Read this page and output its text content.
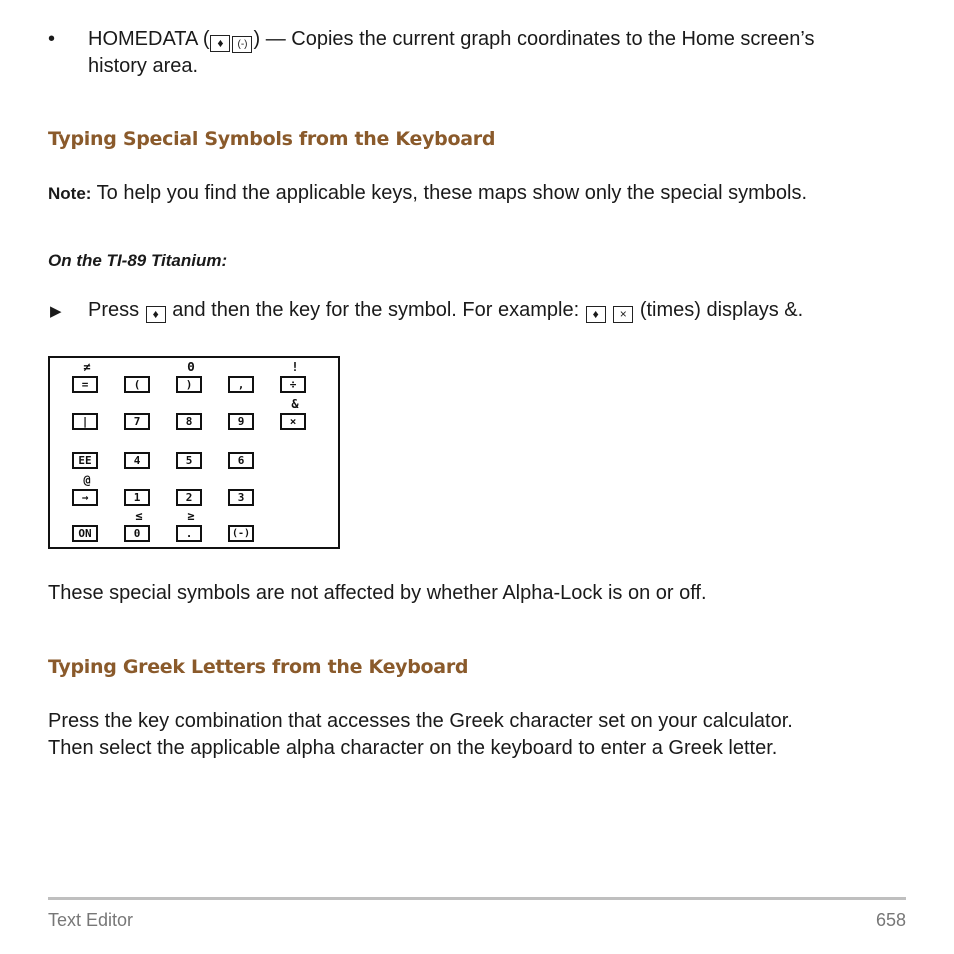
• HOMEDATA ( ♦ (-) ) — Copies the current graph coordinates to the Home screen’s
history area.
Typing Special Symbols from the Keyboard
Note: To help you find the applicable keys, these maps show only the special symbols.
On the TI-89 Titanium:
▶ Press ♦ and then the key for the symbol. For example: ♦ × (times) displays &.
≠	Θ	!
=	(	)	,	÷
&
|	7	8	9	×
EE	4	5	6
@
→	1	2	3
≤	≥
ON	0	.	(-)
These special symbols are not affected by whether Alpha-Lock is on or off.
Typing Greek Letters from the Keyboard
Press the key combination that accesses the Greek character set on your calculator.
Then select the applicable alpha character on the keyboard to enter a Greek letter.
Text Editor	658
